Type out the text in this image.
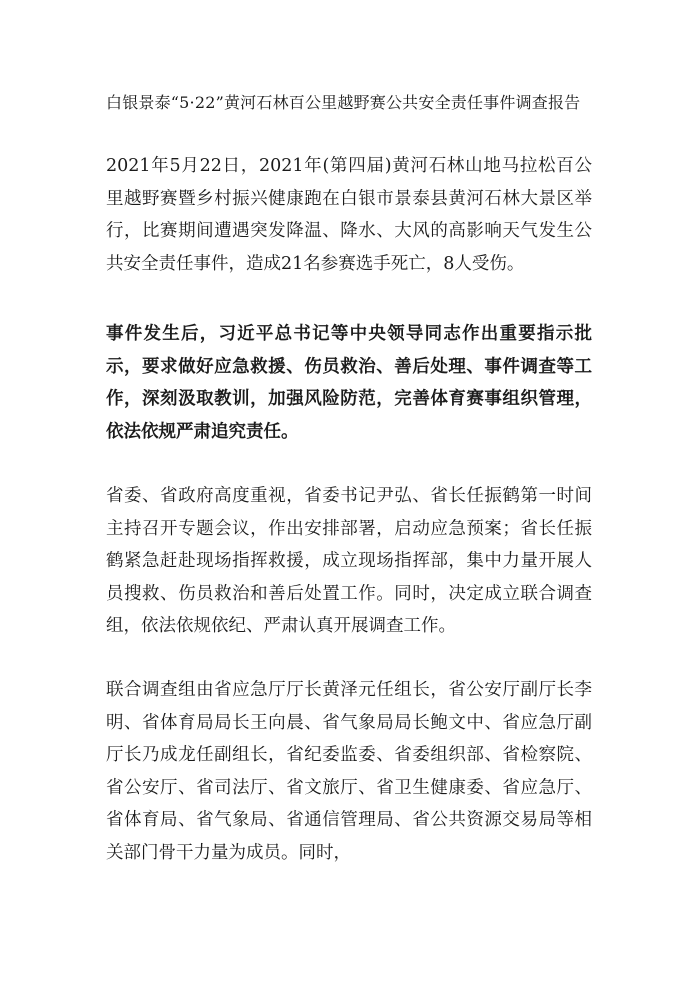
白银景泰“5·22”黄河石林百公里越野赛公共安全责任事件调查报告

2021年5月22日，2021年(第四届)黄河石林山地马拉松百公里越野赛暨乡村振兴健康跑在白银市景泰县黄河石林大景区举行，比赛期间遭遇突发降温、降水、大风的高影响天气发生公共安全责任事件，造成21名参赛选手死亡，8人受伤。

事件发生后，习近平总书记等中央领导同志作出重要指示批示，要求做好应急救援、伤员救治、善后处理、事件调查等工作，深刻汲取教训，加强风险防范，完善体育赛事组织管理，依法依规严肃追究责任。

省委、省政府高度重视，省委书记尹弘、省长任振鹤第一时间主持召开专题会议，作出安排部署，启动应急预案；省长任振鹤紧急赶赴现场指挥救援，成立现场指挥部，集中力量开展人员搜救、伤员救治和善后处置工作。同时，决定成立联合调查组，依法依规依纪、严肃认真开展调查工作。

联合调查组由省应急厅厅长黄泽元任组长，省公安厅副厅长李明、省体育局局长王向晨、省气象局局长鲍文中、省应急厅副厅长乃成龙任副组长，省纪委监委、省委组织部、省检察院、省公安厅、省司法厅、省文旅厅、省卫生健康委、省应急厅、省体育局、省气象局、省通信管理局、省公共资源交易局等相关部门骨干力量为成员。同时，
